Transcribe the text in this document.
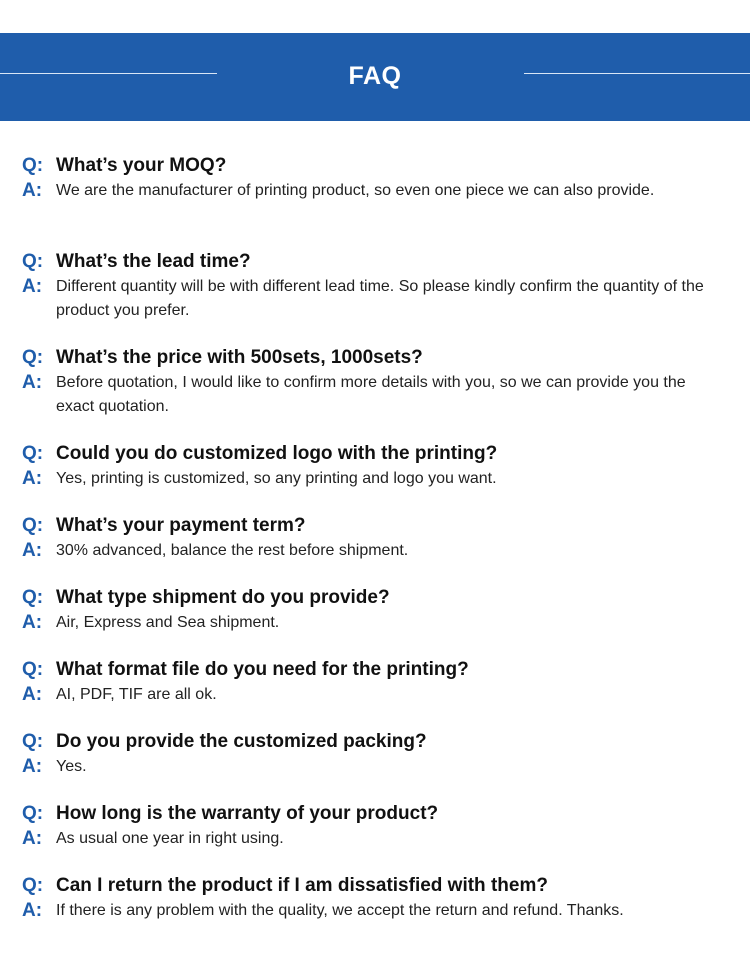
FAQ
Q: What’s your MOQ?
A: We are the manufacturer of printing product, so even one piece we can also provide.
Q: What’s the lead time?
A: Different quantity will be with different lead time. So please kindly confirm the quantity of the product you prefer.
Q: What’s the price with 500sets, 1000sets?
A: Before quotation, I would like to confirm more details with you, so we can provide you the exact quotation.
Q: Could you do customized logo with the printing?
A: Yes, printing is customized, so any printing and logo you want.
Q: What’s your payment term?
A: 30% advanced, balance the rest before shipment.
Q: What type shipment do you provide?
A: Air, Express and Sea shipment.
Q: What format file do you need for the printing?
A: AI, PDF, TIF are all ok.
Q: Do you provide the customized packing?
A: Yes.
Q: How long is the warranty of your product?
A: As usual one year in right using.
Q: Can I return the product if I am dissatisfied with them?
A: If there is any problem with the quality, we accept the return and refund. Thanks.
